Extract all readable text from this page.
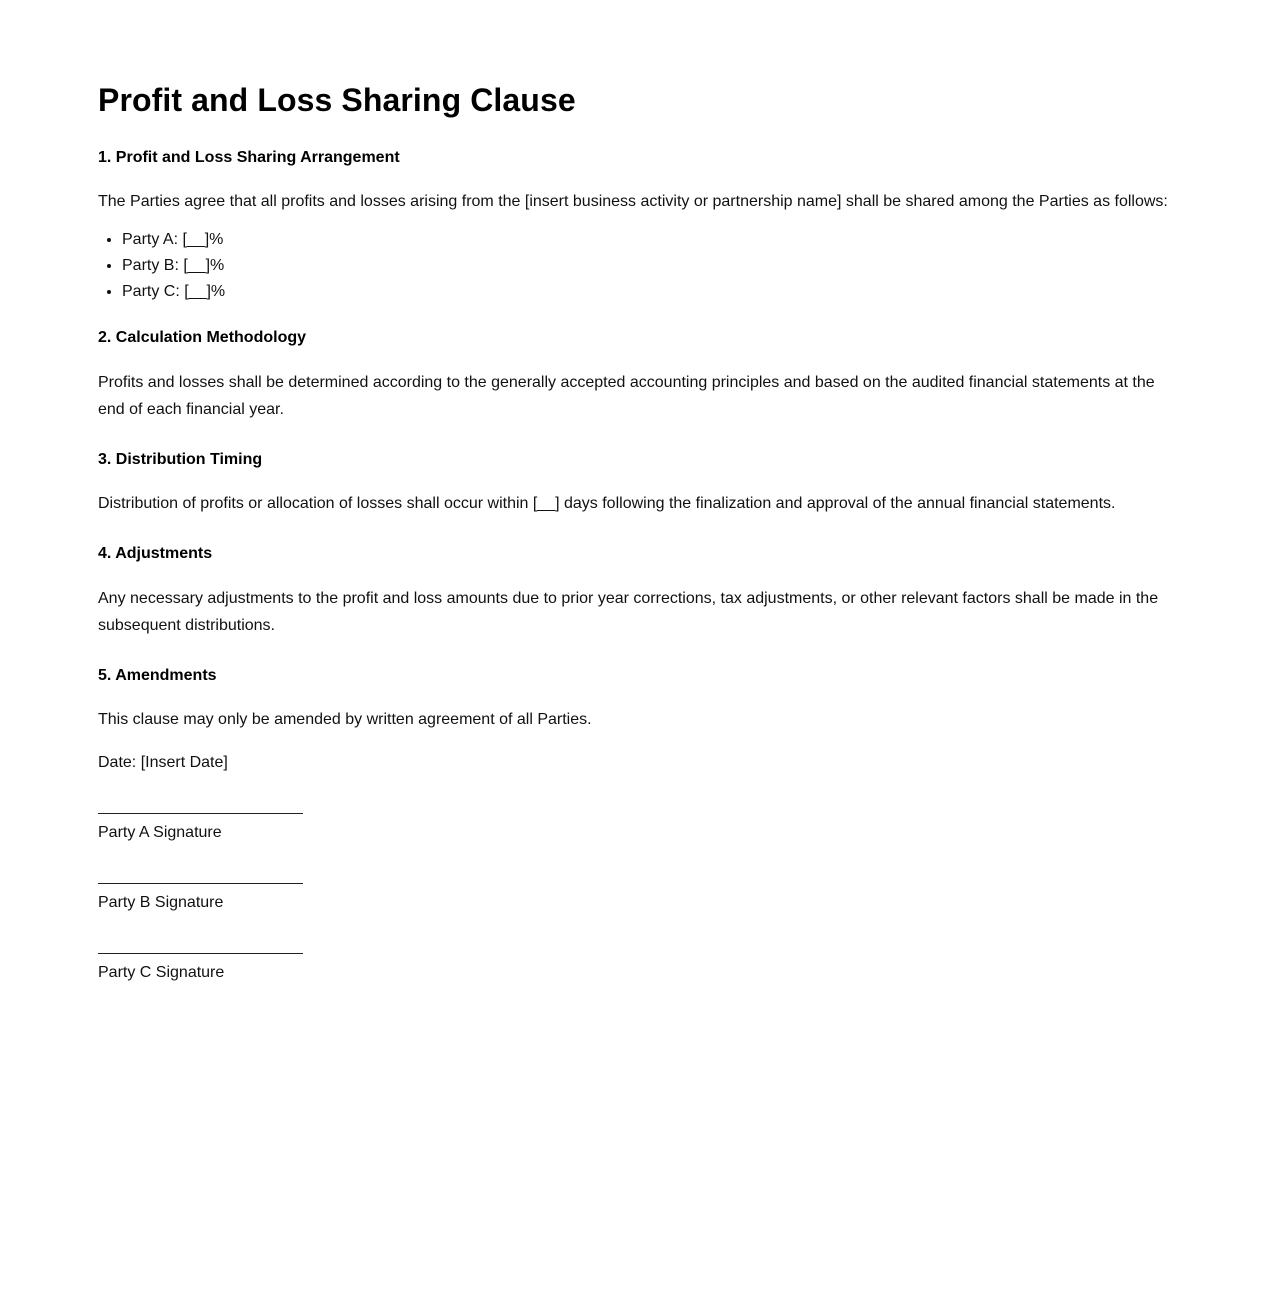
Profit and Loss Sharing Clause
1. Profit and Loss Sharing Arrangement

The Parties agree that all profits and losses arising from the [insert business activity or partnership name] shall be shared among the Parties as follows:

• Party A: [__]%
• Party B: [__]%
• Party C: [__]%
2. Calculation Methodology

Profits and losses shall be determined according to the generally accepted accounting principles and based on the audited financial statements at the end of each financial year.

3. Distribution Timing

Distribution of profits or allocation of losses shall occur within [__] days following the finalization and approval of the annual financial statements.

4. Adjustments

Any necessary adjustments to the profit and loss amounts due to prior year corrections, tax adjustments, or other relevant factors shall be made in the subsequent distributions.

5. Amendments

This clause may only be amended by written agreement of all Parties.

Date: [Insert Date]

Party A Signature
Party B Signature
Party C Signature
